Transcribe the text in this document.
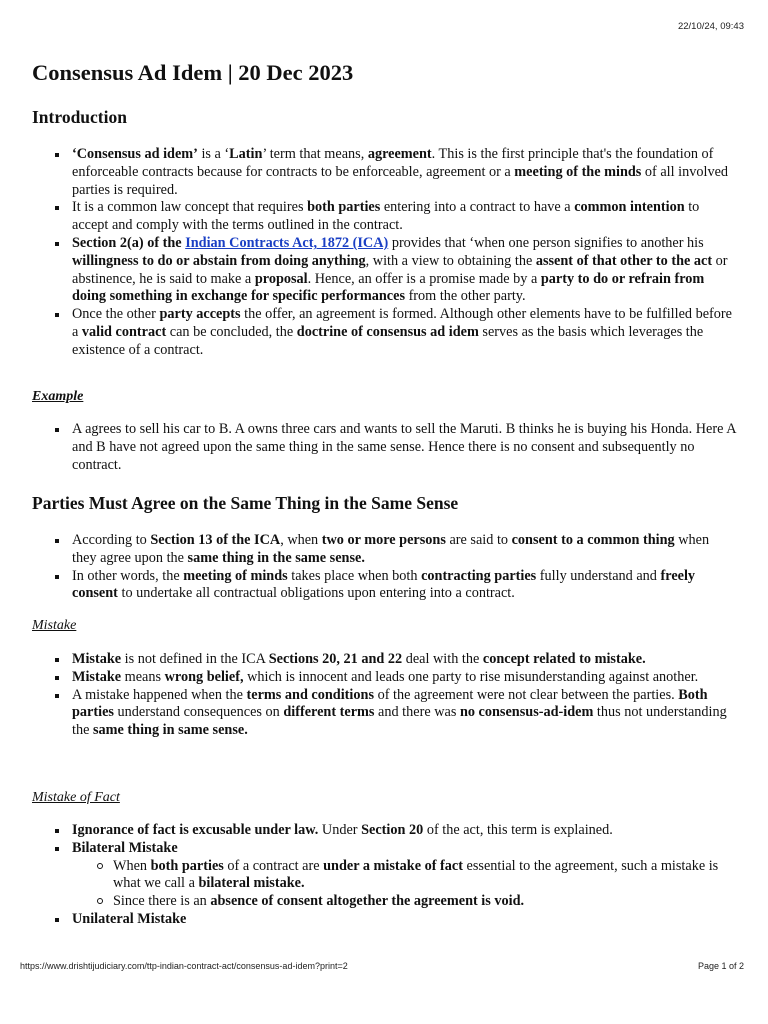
22/10/24, 09:43
Consensus Ad Idem | 20 Dec 2023
Introduction
‘Consensus ad idem’ is a ‘Latin’ term that means, agreement. This is the first principle that's the foundation of enforceable contracts because for contracts to be enforceable, agreement or a meeting of the minds of all involved parties is required.
It is a common law concept that requires both parties entering into a contract to have a common intention to accept and comply with the terms outlined in the contract.
Section 2(a) of the Indian Contracts Act, 1872 (ICA) provides that ‘when one person signifies to another his willingness to do or abstain from doing anything, with a view to obtaining the assent of that other to the act or abstinence, he is said to make a proposal. Hence, an offer is a promise made by a party to do or refrain from doing something in exchange for specific performances from the other party.
Once the other party accepts the offer, an agreement is formed. Although other elements have to be fulfilled before a valid contract can be concluded, the doctrine of consensus ad idem serves as the basis which leverages the existence of a contract.
Example
A agrees to sell his car to B. A owns three cars and wants to sell the Maruti. B thinks he is buying his Honda. Here A and B have not agreed upon the same thing in the same sense. Hence there is no consent and subsequently no contract.
Parties Must Agree on the Same Thing in the Same Sense
According to Section 13 of the ICA, when two or more persons are said to consent to a common thing when they agree upon the same thing in the same sense.
In other words, the meeting of minds takes place when both contracting parties fully understand and freely consent to undertake all contractual obligations upon entering into a contract.
Mistake
Mistake is not defined in the ICA Sections 20, 21 and 22 deal with the concept related to mistake.
Mistake means wrong belief, which is innocent and leads one party to rise misunderstanding against another.
A mistake happened when the terms and conditions of the agreement were not clear between the parties. Both parties understand consequences on different terms and there was no consensus-ad-idem thus not understanding the same thing in same sense.
Mistake of Fact
Ignorance of fact is excusable under law. Under Section 20 of the act, this term is explained.
Bilateral Mistake
When both parties of a contract are under a mistake of fact essential to the agreement, such a mistake is what we call a bilateral mistake.
Since there is an absence of consent altogether the agreement is void.
Unilateral Mistake
https://www.drishtijudiciary.com/ttp-indian-contract-act/consensus-ad-idem?print=2	Page 1 of 2
